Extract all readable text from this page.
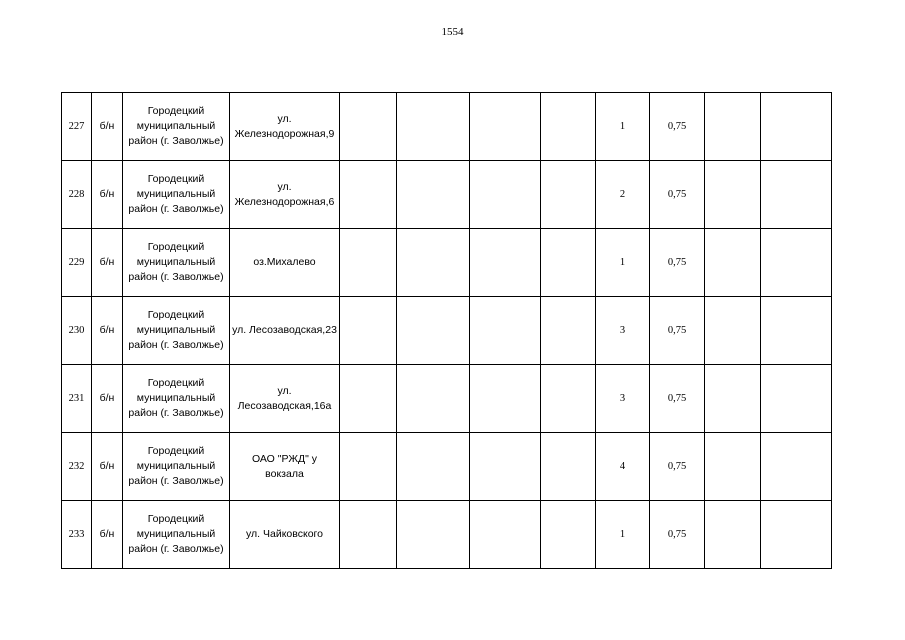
1554
227	б/н	Городецкий муниципальный район (г. Заволжье)	ул. Железнодорожная,9					1	0,75		
228	б/н	Городецкий муниципальный район (г. Заволжье)	ул. Железнодорожная,6					2	0,75		
229	б/н	Городецкий муниципальный район (г. Заволжье)	оз.Михалево					1	0,75		
230	б/н	Городецкий муниципальный район (г. Заволжье)	ул. Лесозаводская,23					3	0,75		
231	б/н	Городецкий муниципальный район (г. Заволжье)	ул. Лесозаводская,16а					3	0,75		
232	б/н	Городецкий муниципальный район (г. Заволжье)	ОАО "РЖД" у вокзала					4	0,75		
233	б/н	Городецкий муниципальный район (г. Заволжье)	ул. Чайковского					1	0,75		
